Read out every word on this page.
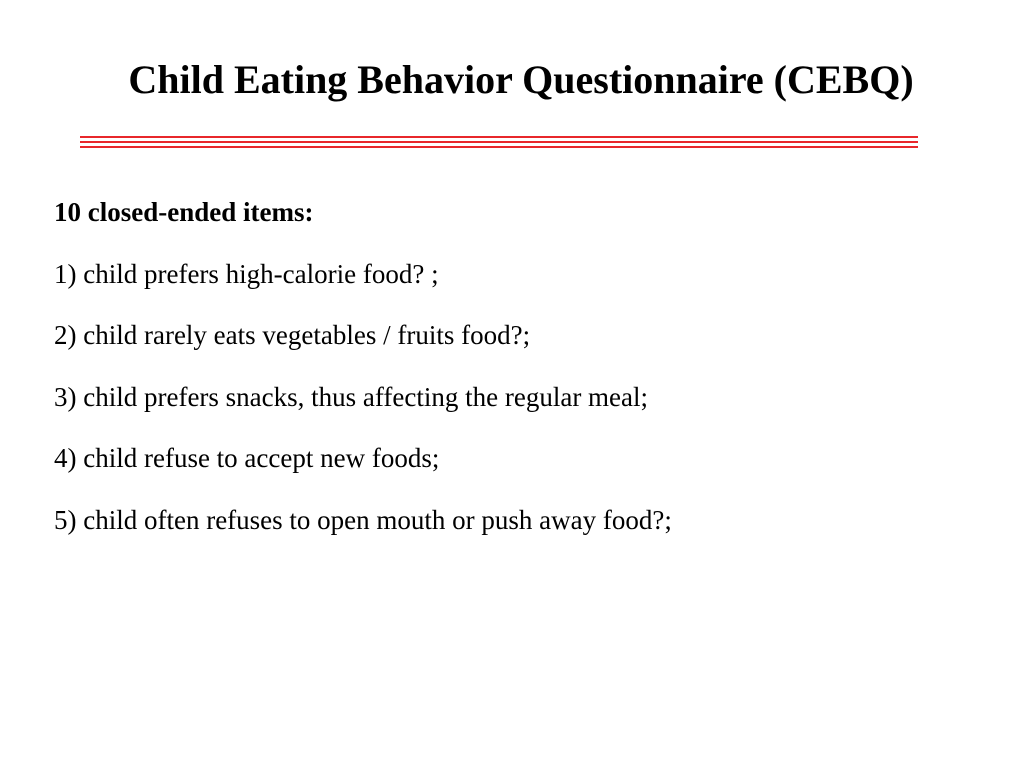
Child Eating Behavior Questionnaire (CEBQ)
10 closed-ended items:
1) child prefers high-calorie food? ;
2) child rarely eats vegetables / fruits food?;
3) child prefers snacks, thus affecting the regular meal;
4) child refuse to accept new foods;
5) child often refuses to open mouth or push away food?;
